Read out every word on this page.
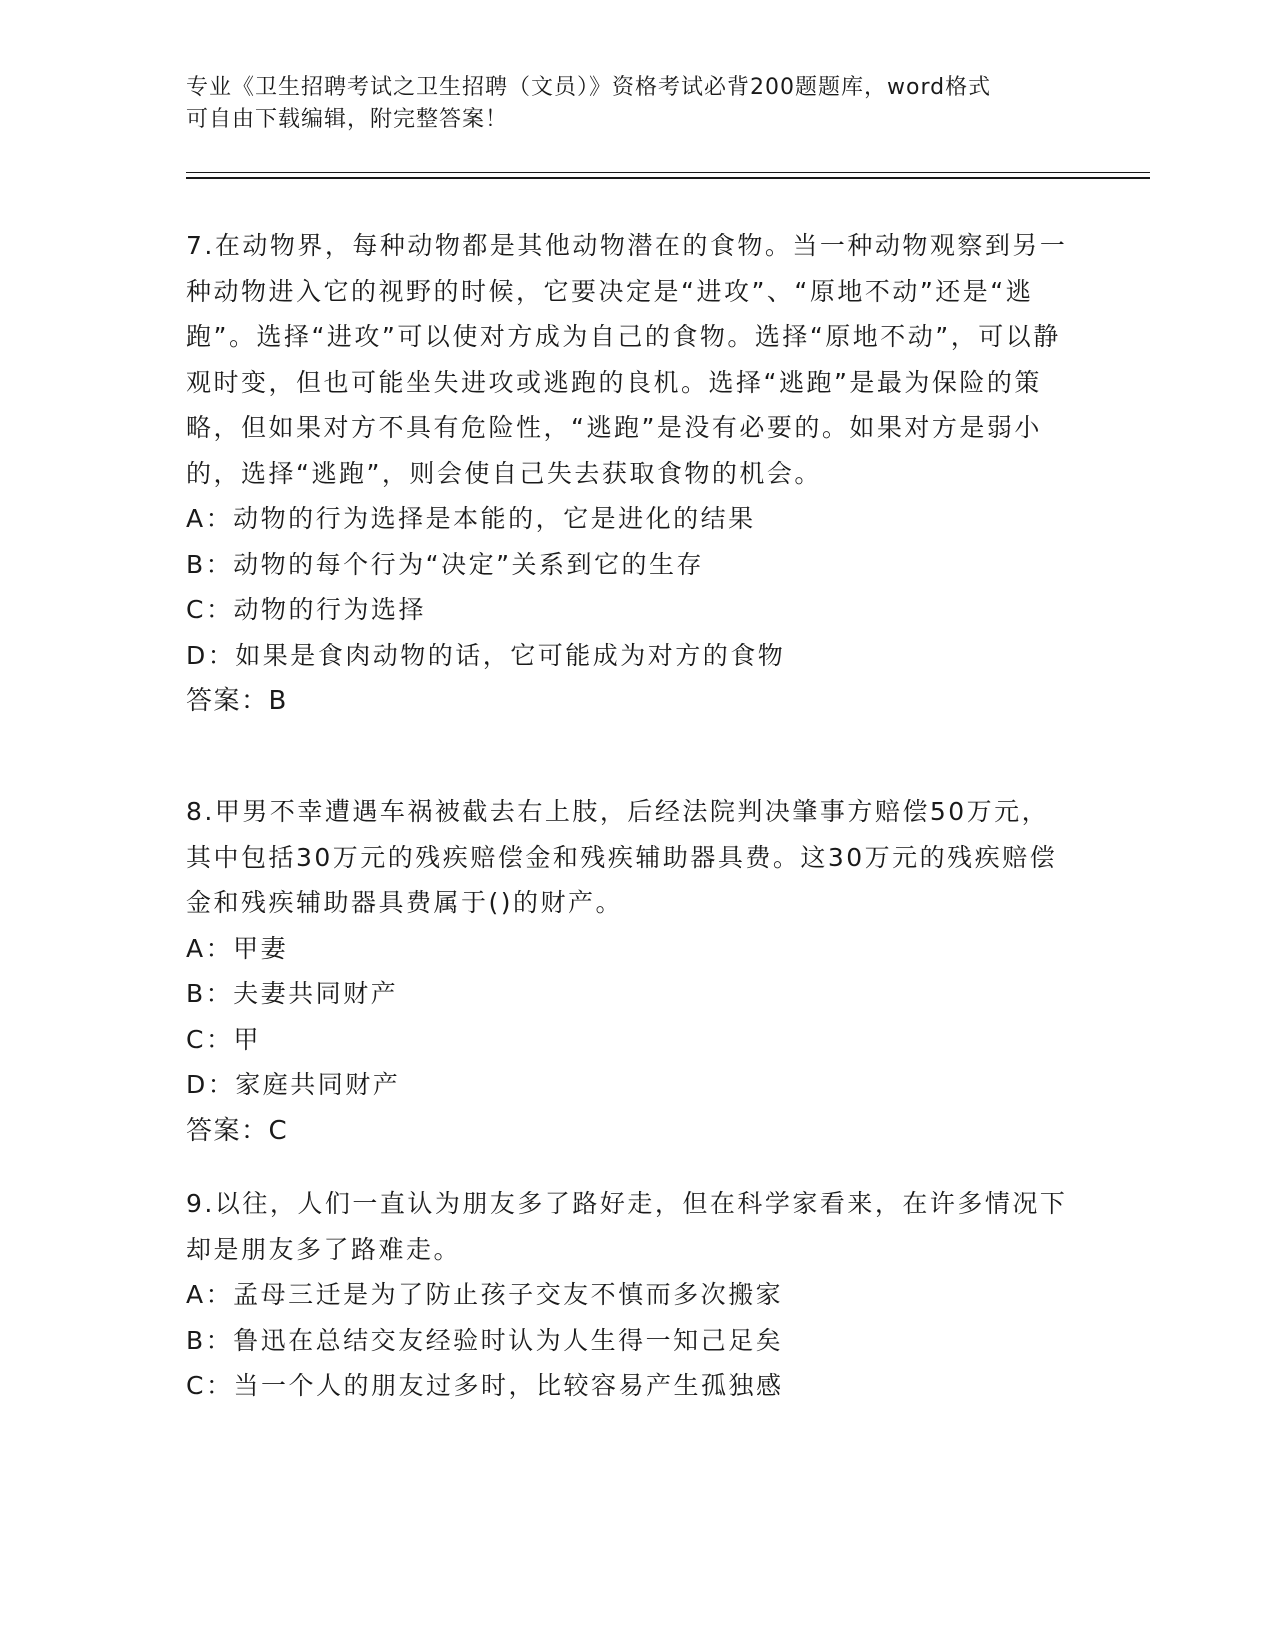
专业《卫生招聘考试之卫生招聘（文员）》资格考试必背200题题库，word格式
可自由下载编辑，附完整答案！
7.在动物界，每种动物都是其他动物潜在的食物。当一种动物观察到另一种动物进入它的视野的时候，它要决定是“进攻”、“原地不动”还是“逃跑”。选择“进攻”可以使对方成为自己的食物。选择“原地不动”，可以静观时变，但也可能坐失进攻或逃跑的良机。选择“逃跑”是最为保险的策略，但如果对方不具有危险性，“逃跑”是没有必要的。如果对方是弱小的，选择“逃跑”，则会使自己失去获取食物的机会。
A：动物的行为选择是本能的，它是进化的结果
B：动物的每个行为“决定”关系到它的生存
C：动物的行为选择
D：如果是食肉动物的话，它可能成为对方的食物
答案：B
8.甲男不幸遭遇车祸被截去右上肢，后经法院判决肇事方赔偿50万元，其中包括30万元的残疾赔偿金和残疾辅助器具费。这30万元的残疾赔偿金和残疾辅助器具费属于()的财产。
A：甲妻
B：夫妻共同财产
C：甲
D：家庭共同财产
答案：C
9.以往，人们一直认为朋友多了路好走，但在科学家看来，在许多情况下却是朋友多了路难走。
A：孟母三迁是为了防止孩子交友不慎而多次搬家
B：鲁迅在总结交友经验时认为人生得一知己足矣
C：当一个人的朋友过多时，比较容易产生孤独感
